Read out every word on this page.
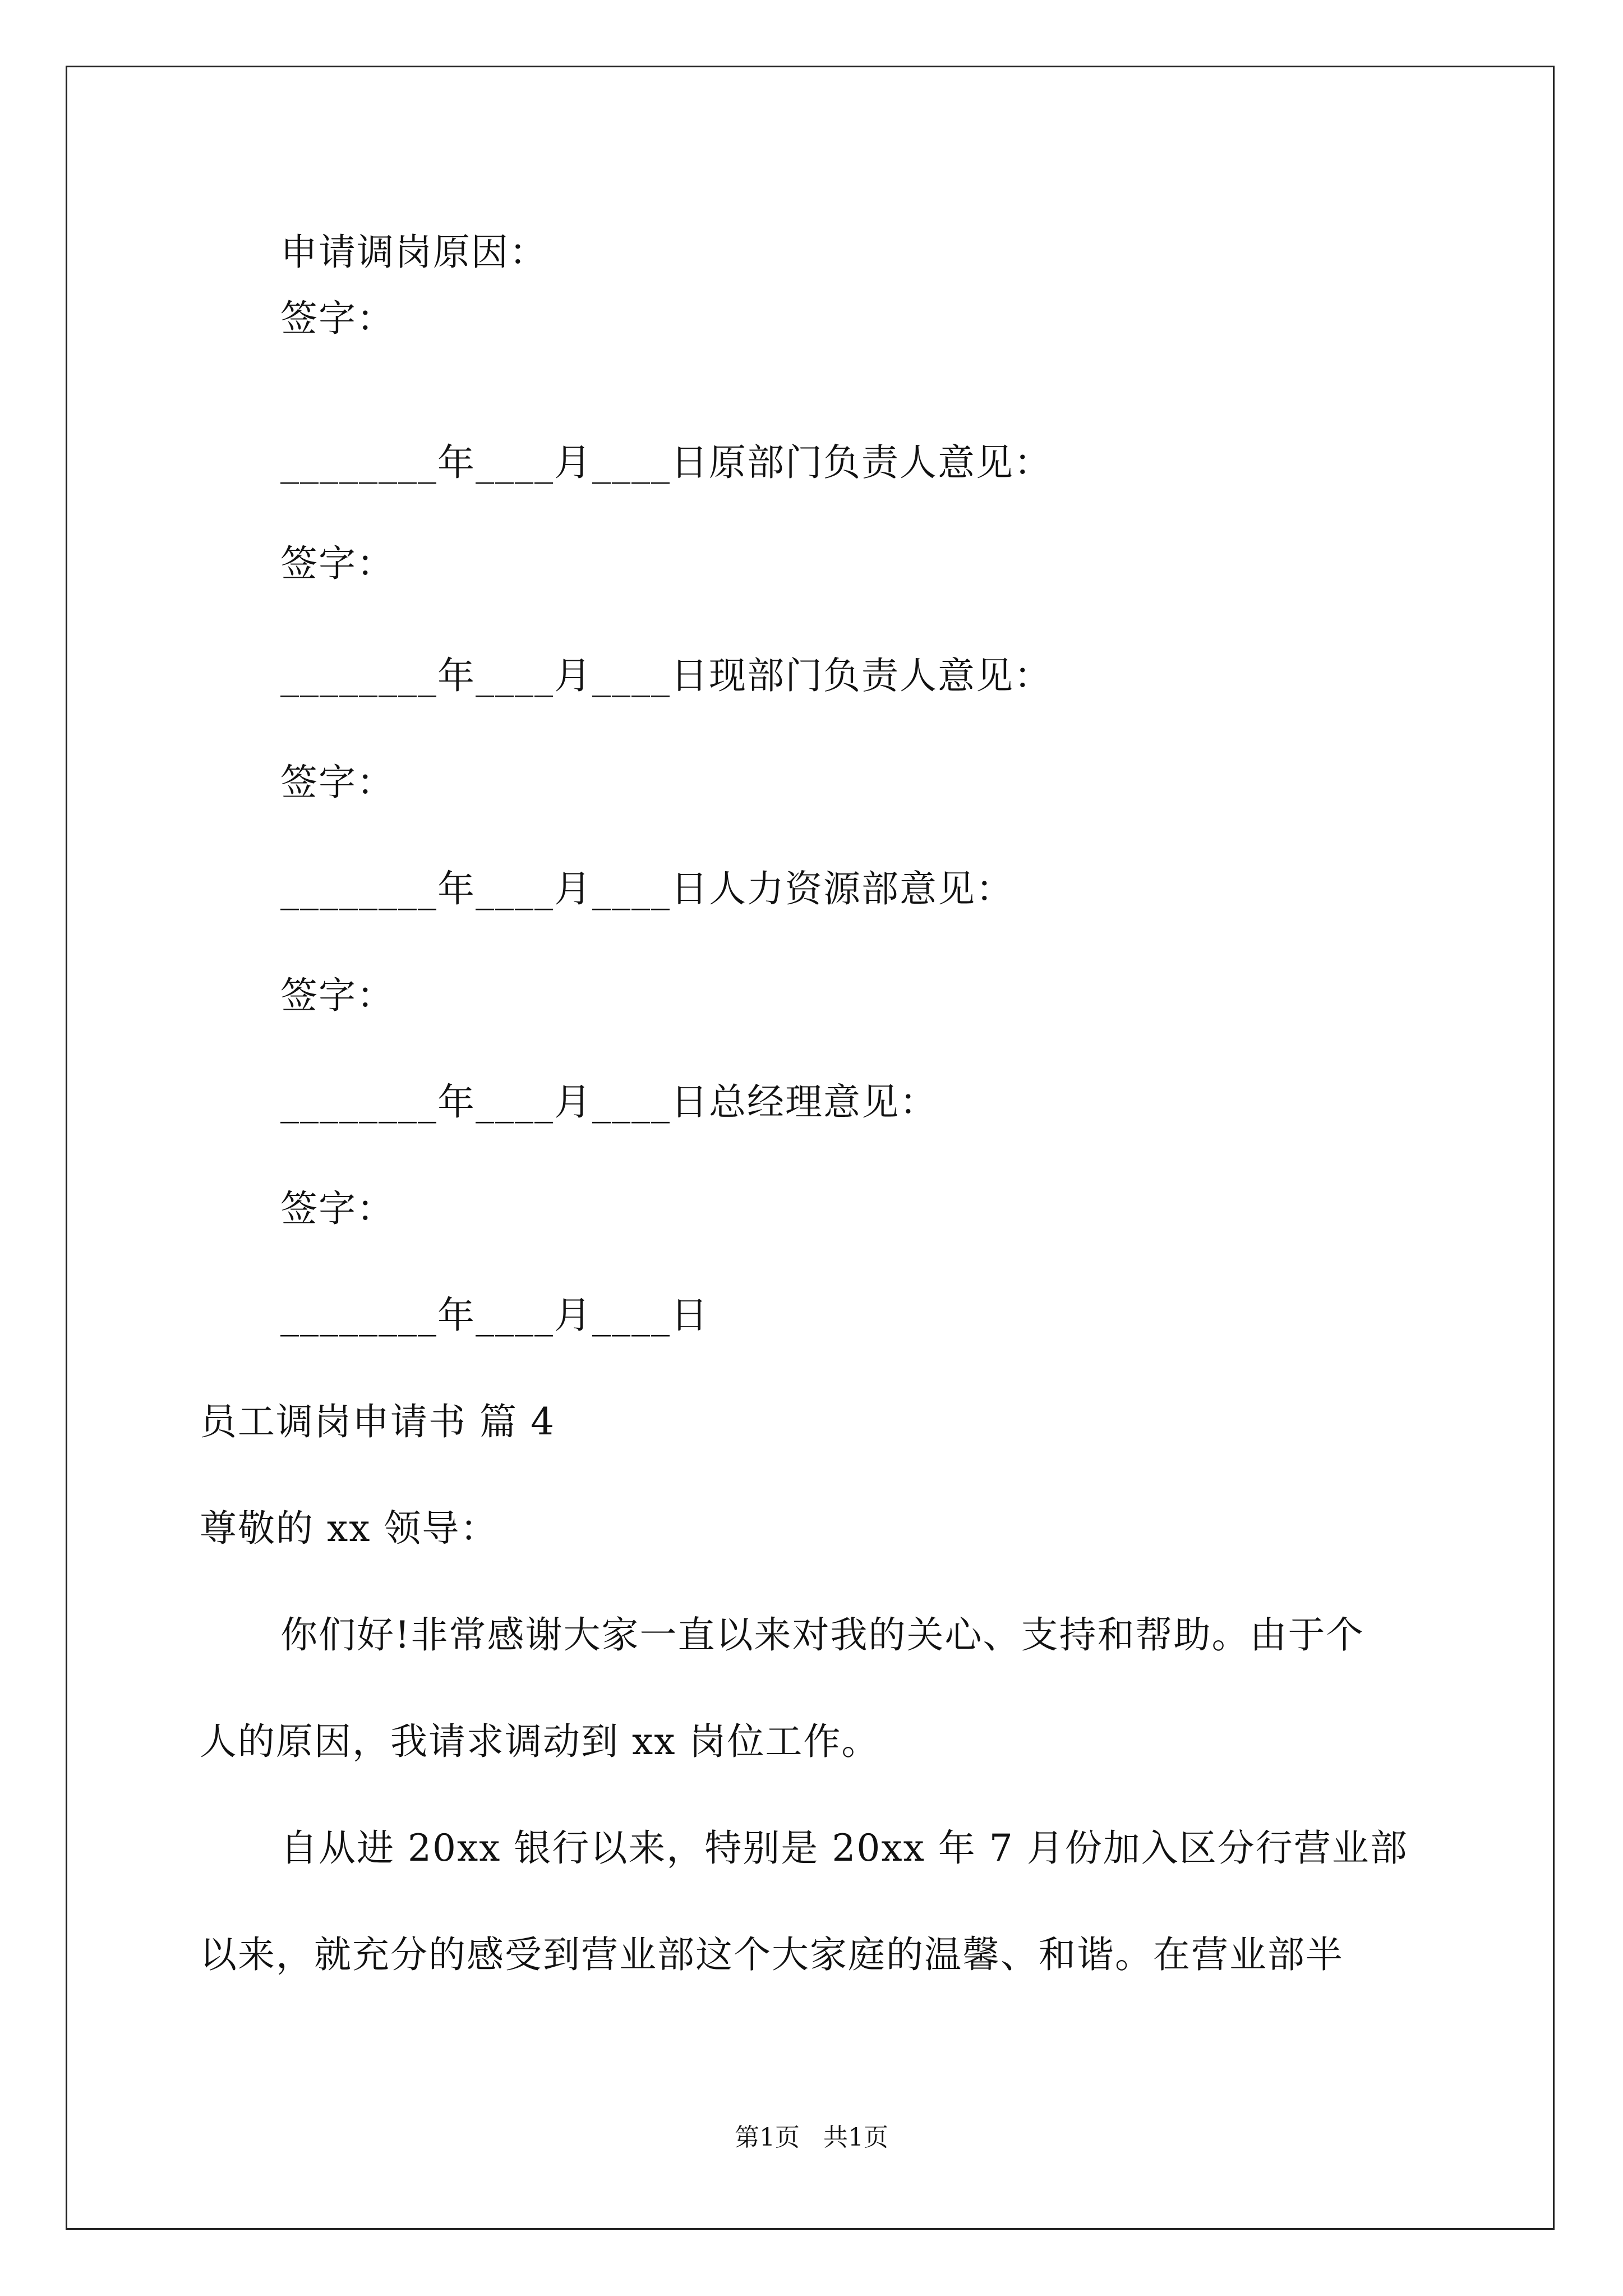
申请调岗原因：
签字：
________年____月____日原部门负责人意见：
签字：
________年____月____日现部门负责人意见：
签字：
________年____月____日人力资源部意见：
签字：
________年____月____日总经理意见：
签字：
________年____月____日
员工调岗申请书 篇 4
尊敬的 xx 领导：
你们好!非常感谢大家一直以来对我的关心、支持和帮助。由于个
人的原因，我请求调动到 xx 岗位工作。
自从进 20xx 银行以来，特别是 20xx 年 7 月份加入区分行营业部
以来，就充分的感受到营业部这个大家庭的温馨、和谐。在营业部半
第1页   共1页
